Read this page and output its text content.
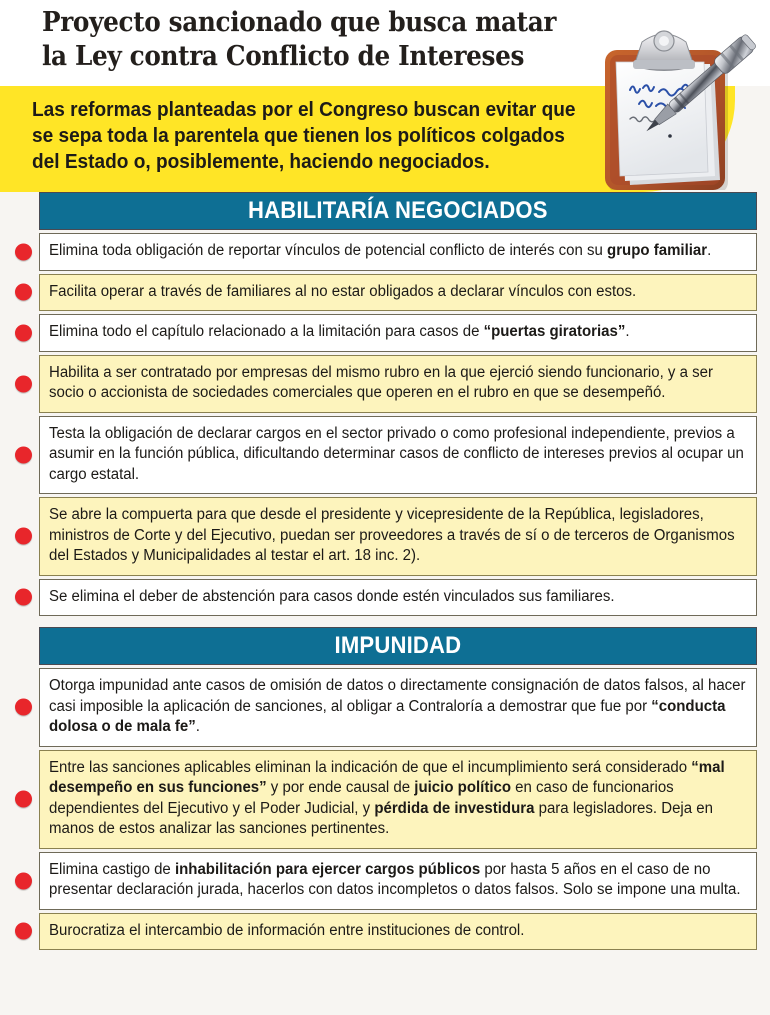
Proyecto sancionado que busca matar
la Ley contra Conflicto de Intereses
Las reformas planteadas por el Congreso buscan evitar que
se sepa toda la parentela que tienen los políticos colgados
del Estado o, posiblemente, haciendo negociados.
HABILITARÍA NEGOCIADOS
Elimina toda obligación de reportar vínculos de potencial conflicto de interés con su grupo familiar.
Facilita operar a través de familiares al no estar obligados a declarar vínculos con estos.
Elimina todo el capítulo relacionado a la limitación para casos de “puertas giratorias”.
Habilita a ser contratado por empresas del mismo rubro en la que ejerció siendo funcionario, y a ser socio o accionista de sociedades comerciales que operen en el rubro en que se desempeñó.
Testa la obligación de declarar cargos en el sector privado o como profesional independiente, previos a asumir en la función pública, dificultando determinar casos de conflicto de intereses previos al ocupar un cargo estatal.
Se abre la compuerta para que desde el presidente y vicepresidente de la República, legisladores, ministros de Corte y del Ejecutivo, puedan ser proveedores a través de sí o de terceros de Organismos del Estados y Municipalidades al testar el art. 18 inc. 2).
Se elimina el deber de abstención para casos donde estén vinculados sus familiares.
IMPUNIDAD
Otorga impunidad ante casos de omisión de datos o directamente consignación de datos falsos, al hacer casi imposible la aplicación de sanciones, al obligar a Contraloría a demostrar que fue por “conducta dolosa o de mala fe”.
Entre las sanciones aplicables eliminan la indicación de que el incumplimiento será considerado “mal desempeño en sus funciones” y por ende causal de juicio político en caso de funcionarios dependientes del Ejecutivo y el Poder Judicial, y pérdida de investidura para legisladores. Deja en manos de estos analizar las sanciones pertinentes.
Elimina castigo de inhabilitación para ejercer cargos públicos por hasta 5 años en el caso de no presentar declaración jurada, hacerlos con datos incompletos o datos falsos. Solo se impone una multa.
Burocratiza el intercambio de información entre instituciones de control.
